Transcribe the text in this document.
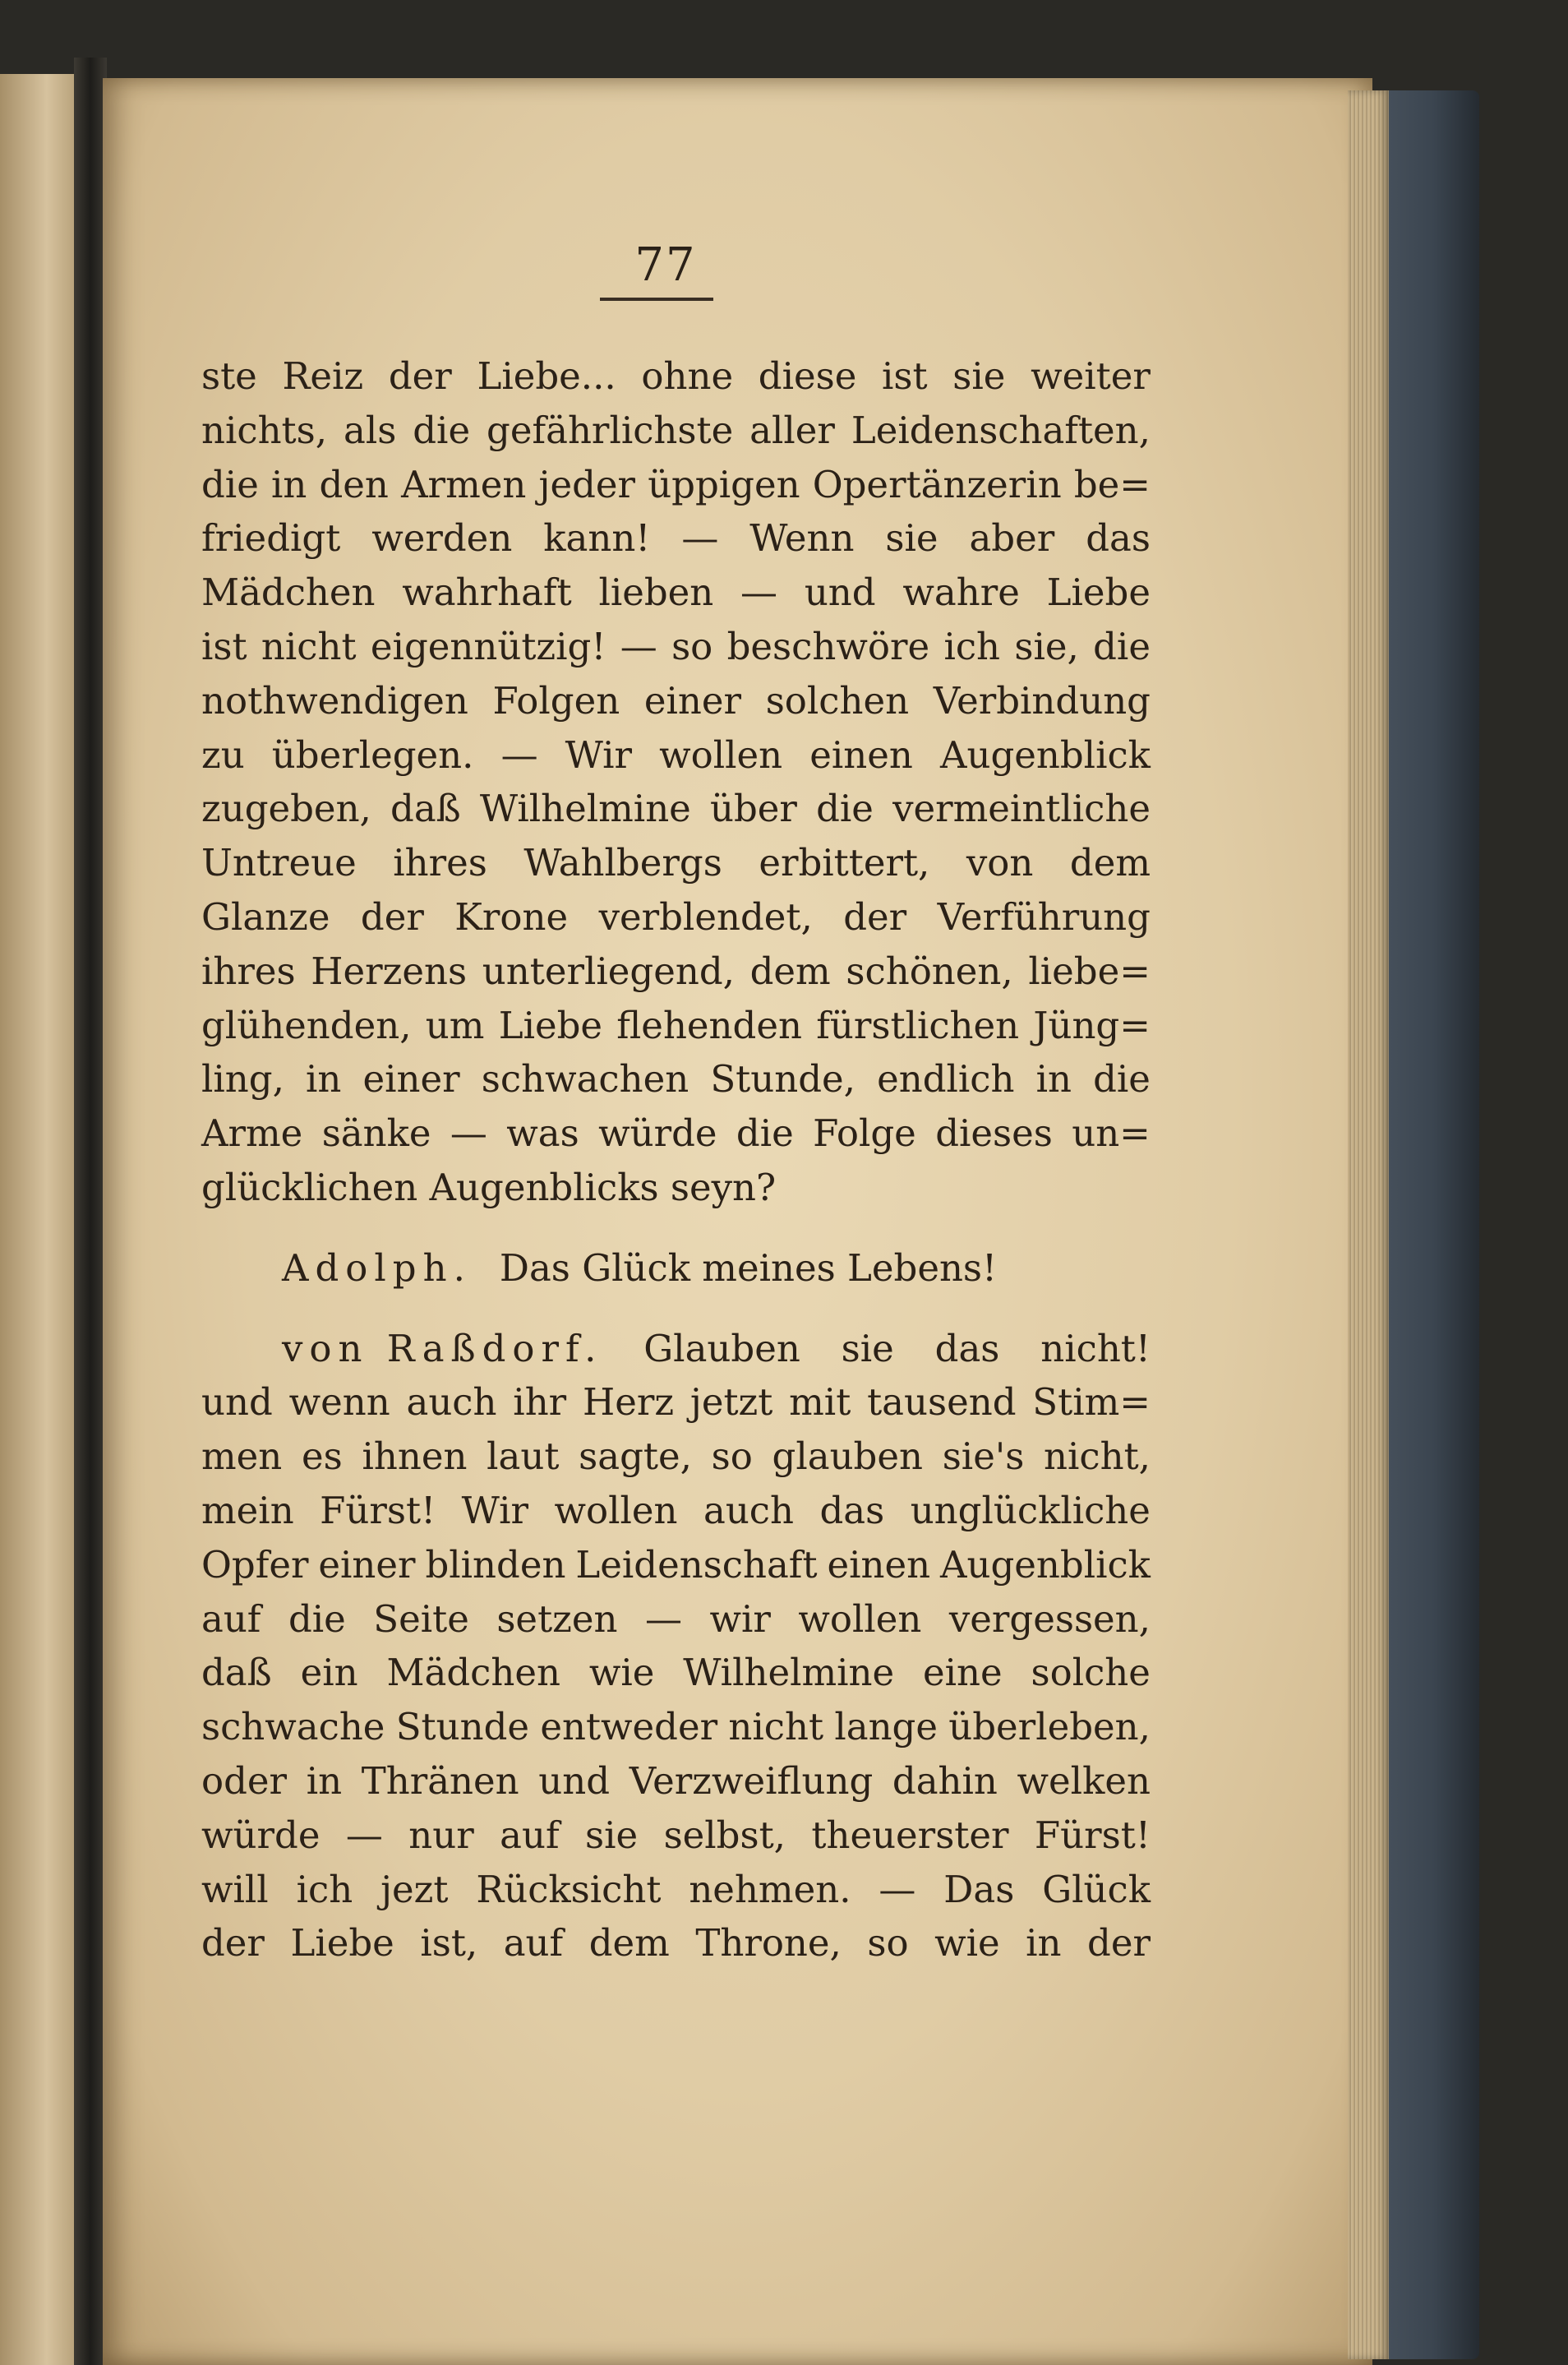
77
ste Reiz der Liebe... ohne diese ist sie weiter
nichts, als die gefährlichste aller Leidenschaften,
die in den Armen jeder üppigen Opertänzerin be=
friedigt werden kann! — Wenn sie aber das
Mädchen wahrhaft lieben — und wahre Liebe
ist nicht eigennützig! — so beschwöre ich sie, die
nothwendigen Folgen einer solchen Verbindung
zu überlegen. — Wir wollen einen Augenblick
zugeben, daß Wilhelmine über die vermeintliche
Untreue ihres Wahlbergs erbittert, von dem
Glanze der Krone verblendet, der Verführung
ihres Herzens unterliegend, dem schönen, liebe=
glühenden, um Liebe flehenden fürstlichen Jüng=
ling, in einer schwachen Stunde, endlich in die
Arme sänke — was würde die Folge dieses un=
glücklichen Augenblicks seyn?
Adolph. Das Glück meines Lebens!
von Raßdorf. Glauben sie das nicht!
und wenn auch ihr Herz jetzt mit tausend Stim=
men es ihnen laut sagte, so glauben sie's nicht,
mein Fürst! Wir wollen auch das unglückliche
Opfer einer blinden Leidenschaft einen Augenblick
auf die Seite setzen — wir wollen vergessen,
daß ein Mädchen wie Wilhelmine eine solche
schwache Stunde entweder nicht lange überleben,
oder in Thränen und Verzweiflung dahin welken
würde — nur auf sie selbst, theuerster Fürst!
will ich jezt Rücksicht nehmen. — Das Glück
der Liebe ist, auf dem Throne, so wie in der
